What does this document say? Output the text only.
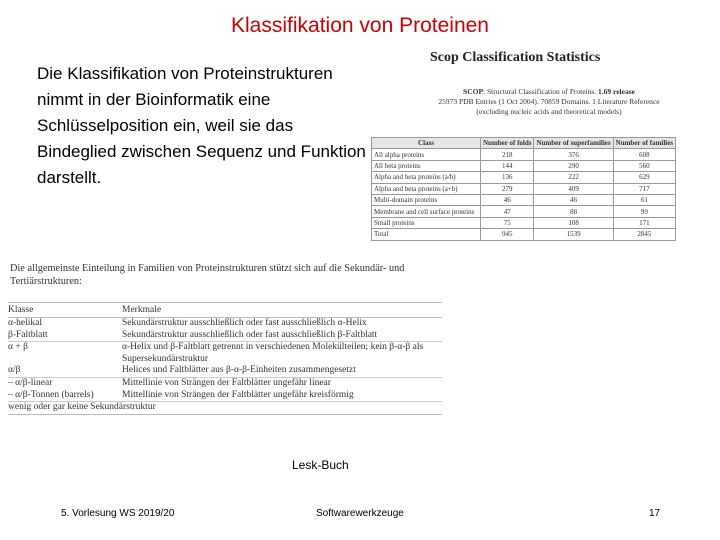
Klassifikation von Proteinen
Die Klassifikation von Proteinstrukturen nimmt in der Bioinformatik eine Schlüsselposition ein, weil sie das Bindeglied zwischen Sequenz und Funktion darstellt.
Scop Classification Statistics
SCOP: Structural Classification of Proteins. 1.69 release
25973 PDB Entries (1 Oct 2004). 70859 Domains. 1 Literature Reference
(excluding nucleic acids and theoretical models)
Class	Number of folds	Number of superfamilies	Number of families
All alpha proteins	218	376	608
All beta proteins	144	290	560
Alpha and beta proteins (a/b)	136	222	629
Alpha and beta proteins (a+b)	279	409	717
Multi-domain proteins	46	46	61
Membrane and cell surface proteins	47	88	99
Small proteins	75	108	171
Total	945	1539	2845
Die allgemeinste Einteilung in Familien von Proteinstrukturen stützt sich auf die Sekundär- und Tertiärstrukturen:
Klasse	Merkmale
α-helikal	Sekundärstruktur ausschließlich oder fast ausschließlich α-Helix
β-Faltblatt	Sekundärstruktur ausschließlich oder fast ausschließlich β-Faltblatt
α + β	α-Helix und β-Faltblatt getrennt in verschiedenen Molekülteilen; kein β-α-β als Supersekundärstruktur
α/β	Helices und Faltblätter aus β-α-β-Einheiten zusammengesetzt
– α/β-linear	Mittellinie von Strängen der Faltblätter ungefähr linear
– α/β-Tonnen (barrels)	Mittellinie von Strängen der Faltblätter ungefähr kreisförmig
wenig oder gar keine Sekundärstruktur	
Lesk-Buch
5. Vorlesung WS 2019/20	Softwarewerkzeuge	17
